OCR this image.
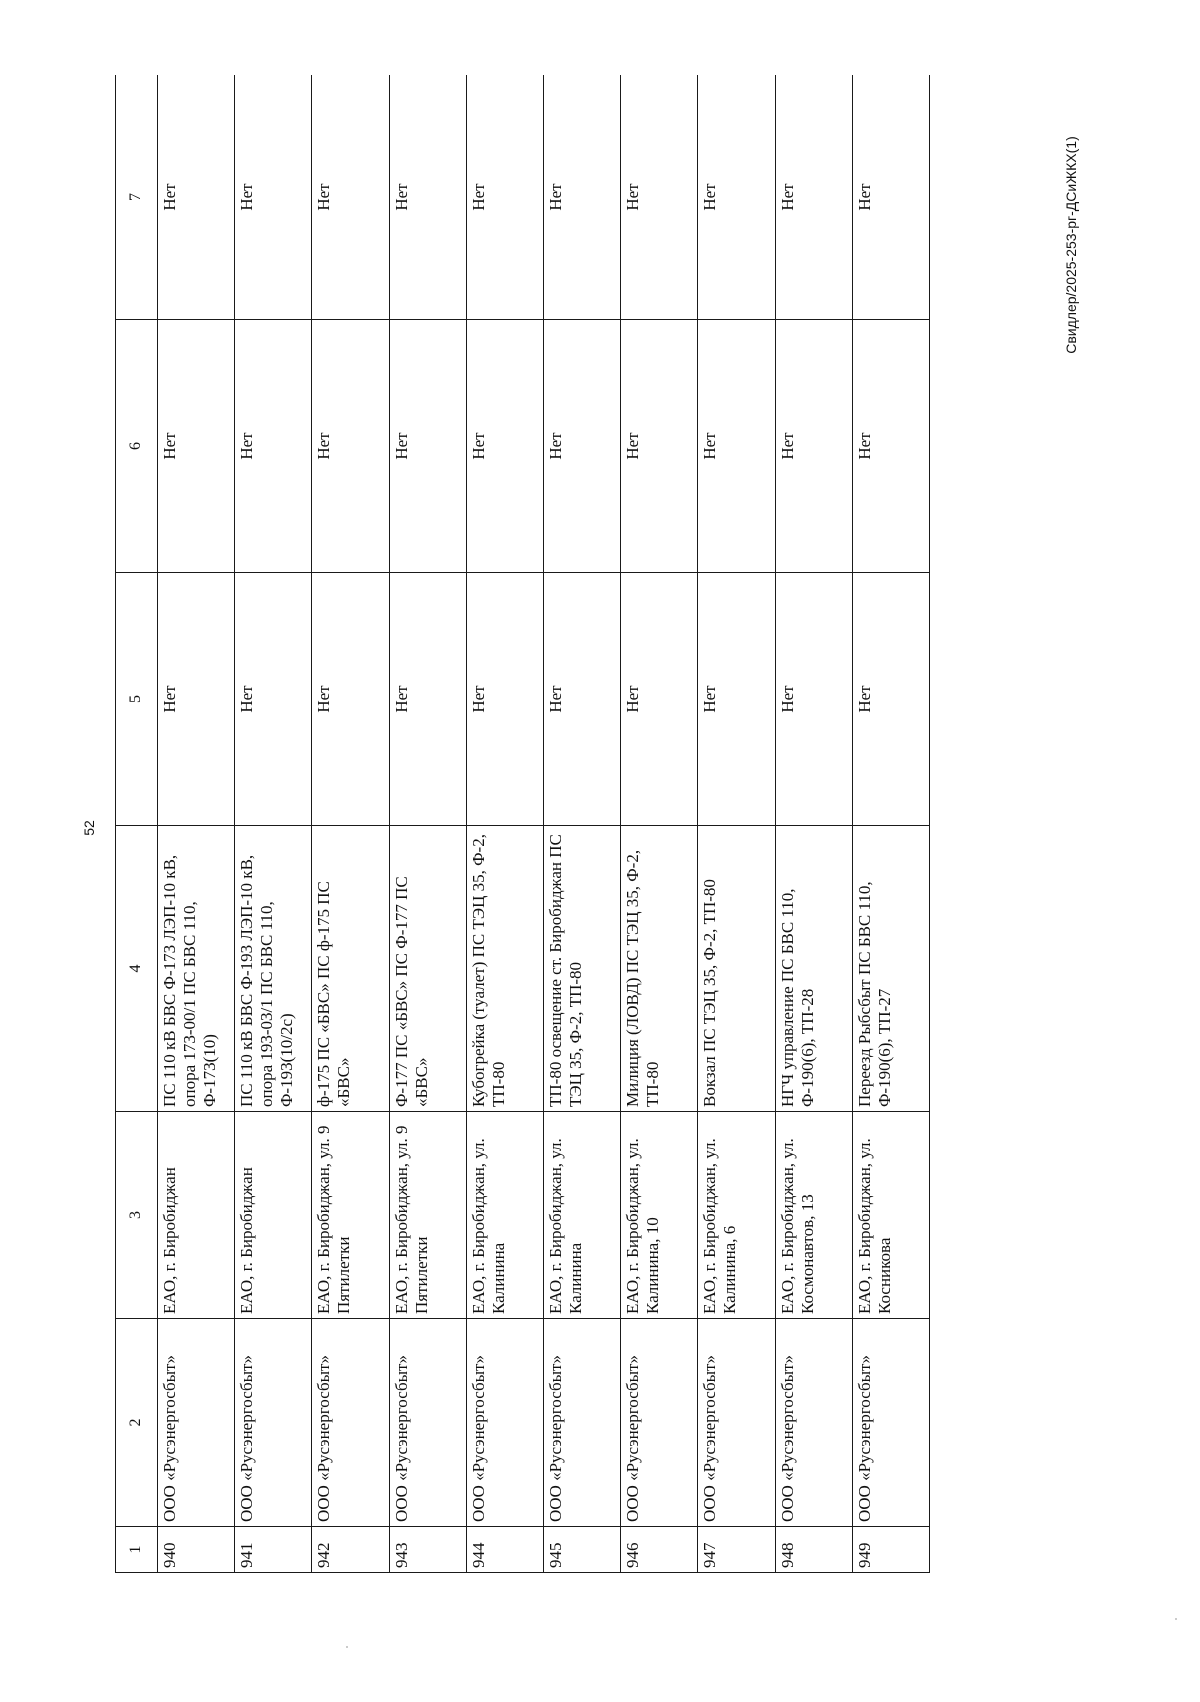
52
Свидлер/2025-253-рг-ДСиЖКХ(1)
1	2	3	4	5	6	7
940	ООО «Русэнергосбыт»	ЕАО, г. Биробиджан	ПС 110 кВ БВС Ф-173 ЛЭП-10 кВ, опора 173-00/1 ПС БВС 110, Ф-173(10)	Нет	Нет	Нет
941	ООО «Русэнергосбыт»	ЕАО, г. Биробиджан	ПС 110 кВ БВС Ф-193 ЛЭП-10 кВ, опора 193-03/1 ПС БВС 110, Ф-193(10/2с)	Нет	Нет	Нет
942	ООО «Русэнергосбыт»	ЕАО, г. Биробиджан, ул. 9 Пятилетки	ф-175 ПС «БВС» ПС ф-175 ПС «БВС»	Нет	Нет	Нет
943	ООО «Русэнергосбыт»	ЕАО, г. Биробиджан, ул. 9 Пятилетки	Ф-177 ПС «БВС» ПС Ф-177 ПС «БВС»	Нет	Нет	Нет
944	ООО «Русэнергосбыт»	ЕАО, г. Биробиджан, ул. Калинина	Кубогрейка (туалет) ПС ТЭЦ 35, Ф-2, ТП-80	Нет	Нет	Нет
945	ООО «Русэнергосбыт»	ЕАО, г. Биробиджан, ул. Калинина	ТП-80 освещение ст. Биробиджан ПС ТЭЦ 35, Ф-2, ТП-80	Нет	Нет	Нет
946	ООО «Русэнергосбыт»	ЕАО, г. Биробиджан, ул. Калинина, 10	Милиция (ЛОВД) ПС ТЭЦ 35, Ф-2, ТП-80	Нет	Нет	Нет
947	ООО «Русэнергосбыт»	ЕАО, г. Биробиджан, ул. Калинина, 6	Вокзал ПС ТЭЦ 35, Ф-2, ТП-80	Нет	Нет	Нет
948	ООО «Русэнергосбыт»	ЕАО, г. Биробиджан, ул. Космонавтов, 13	НГЧ управление ПС БВС 110, Ф-190(6), ТП-28	Нет	Нет	Нет
949	ООО «Русэнергосбыт»	ЕАО, г. Биробиджан, ул. Косникова	Переезд Рыбсбыт ПС БВС 110, Ф-190(6), ТП-27	Нет	Нет	Нет
